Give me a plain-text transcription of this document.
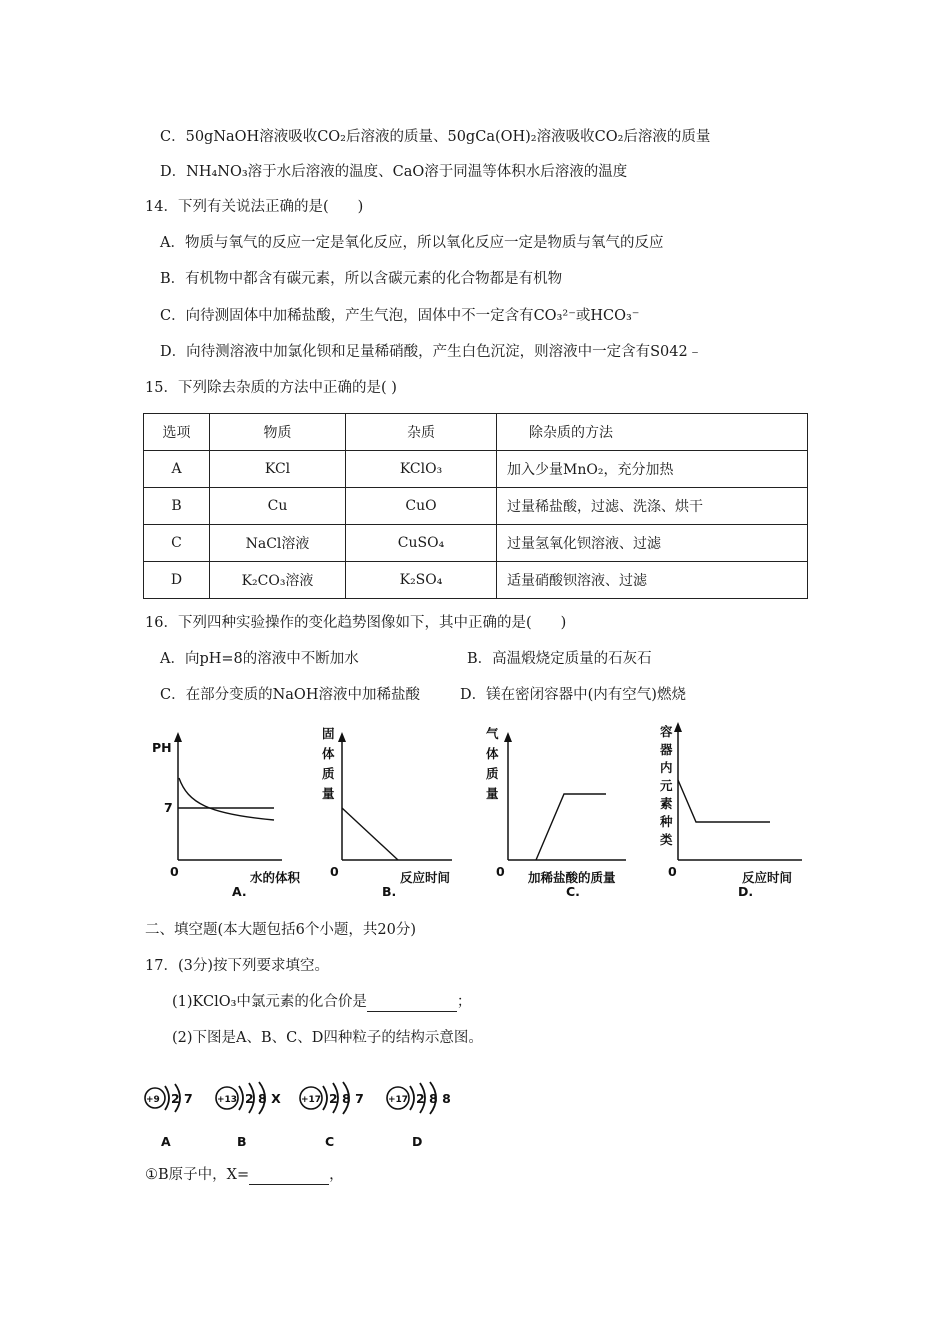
C．50gNaOH溶液吸收CO₂后溶液的质量、50gCa(OH)₂溶液吸收CO₂后溶液的质量
D．NH₄NO₃溶于水后溶液的温度、CaO溶于同温等体积水后溶液的温度
14．下列有关说法正确的是(　　)
A．物质与氧气的反应一定是氧化反应，所以氧化反应一定是物质与氧气的反应
B．有机物中都含有碳元素，所以含碳元素的化合物都是有机物
C．向待测固体中加稀盐酸，产生气泡，固体中不一定含有CO₃²⁻或HCO₃⁻
D．向待测溶液中加氯化钡和足量稀硝酸，产生白色沉淀，则溶液中一定含有S042﹣
15．下列除去杂质的方法中正确的是( )
选项	物质	杂质	除杂质的方法
A	KCl	KClO₃	加入少量MnO₂，充分加热
B	Cu	CuO	过量稀盐酸，过滤、洗涤、烘干
C	NaCl溶液	CuSO₄	过量氢氧化钡溶液、过滤
D	K₂CO₃溶液	K₂SO₄	适量硝酸钡溶液、过滤
16．下列四种实验操作的变化趋势图像如下，其中正确的是(　　)
A．向pH=8的溶液中不断加水	B．高温煅烧定质量的石灰石
C．在部分变质的NaOH溶液中加稀盐酸	D．镁在密闭容器中(内有空气)燃烧
PH
7
0	水的体积
A.
固
体
质
量
0	反应时间
B.
气
体
质
量
0 加稀盐酸的质量
C.
容
器
内
元
素
种
类
0	反应时间
D.
二、填空题(本大题包括6个小题，共20分)
17．(3分)按下列要求填空。
(1)KClO₃中氯元素的化合价是	；
(2)下图是A、B、C、D四种粒子的结构示意图。
+9 2 7
A
+13 2 8 X
B
+17 2 8 7
C
+17 2 8 8
D
①B原子中，X=	，
